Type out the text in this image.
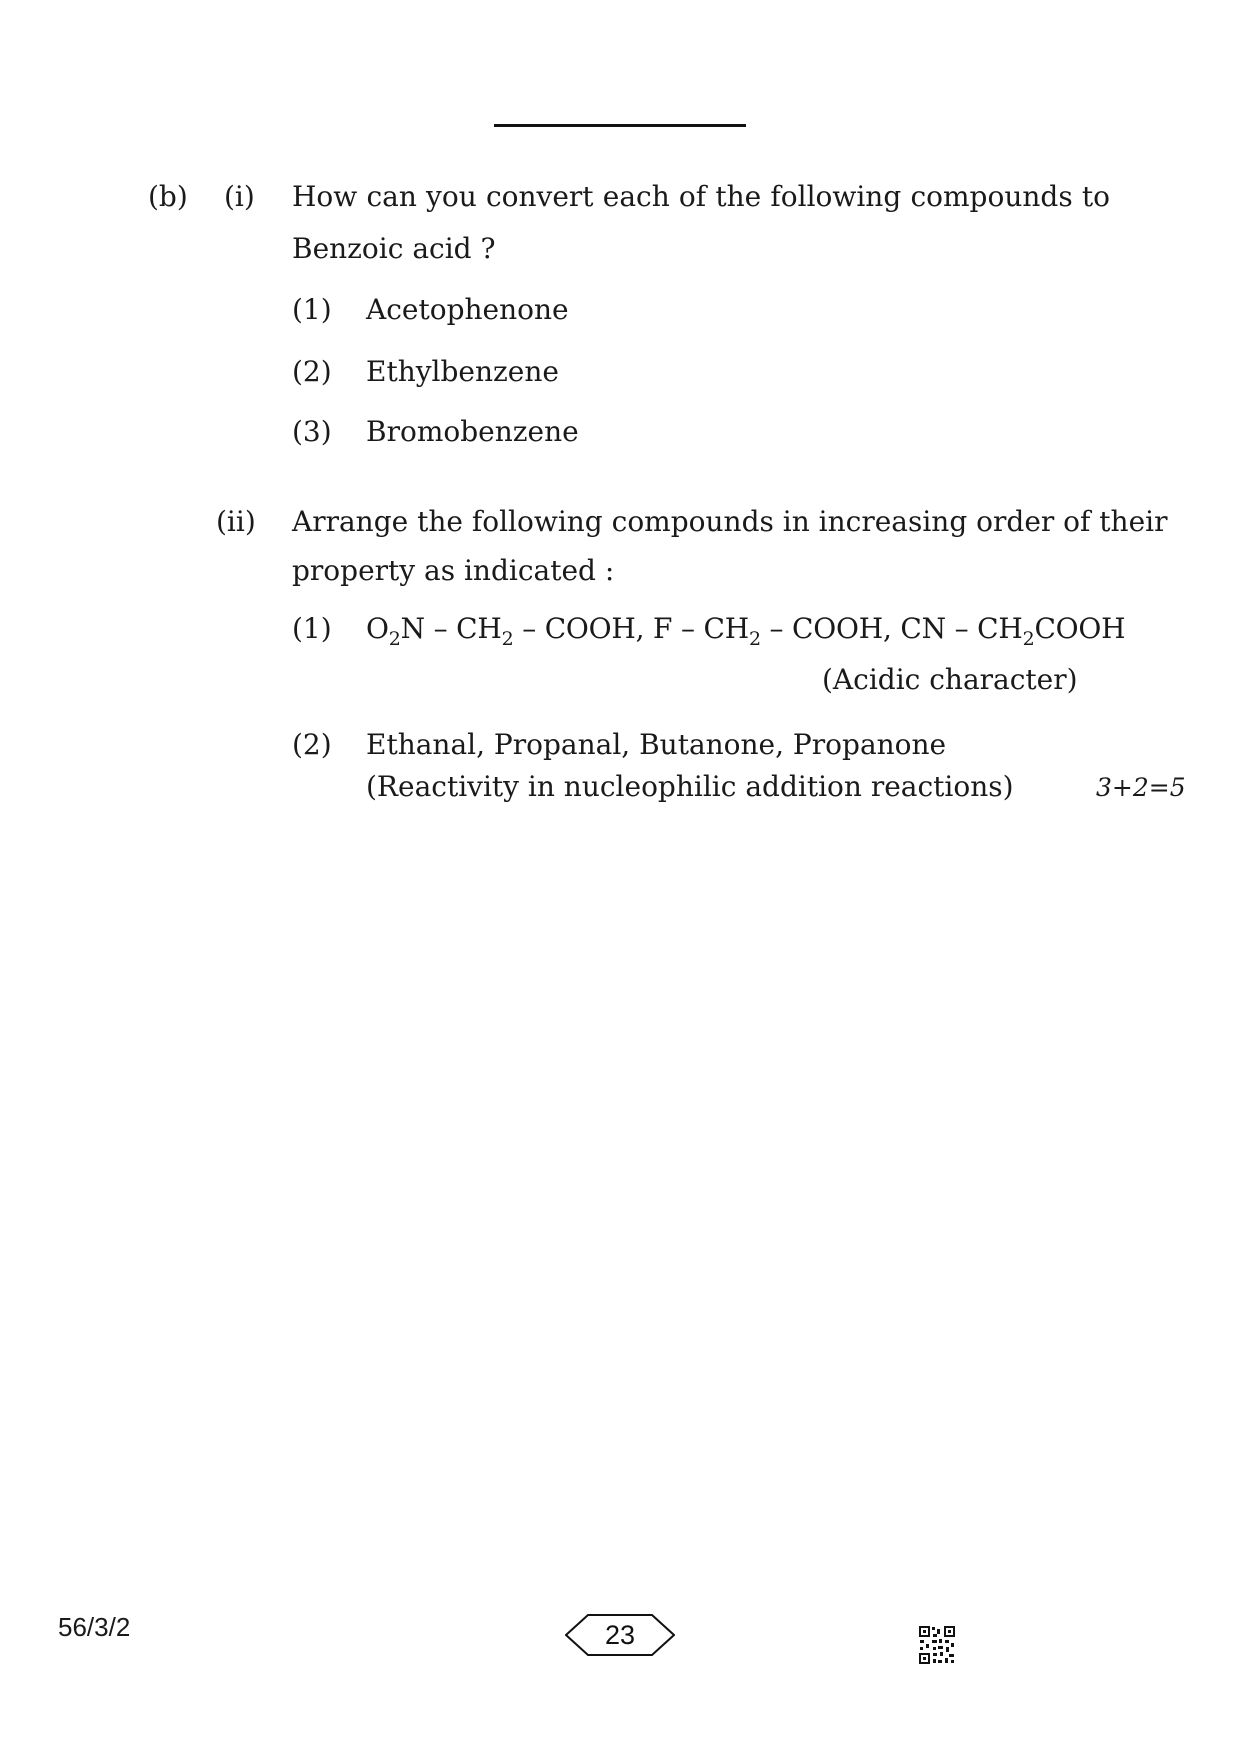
(b) (i) How can you convert each of the following compounds to
Benzoic acid ?
(1) Acetophenone
(2) Ethylbenzene
(3) Bromobenzene
(ii) Arrange the following compounds in increasing order of their
property as indicated :
(1) $O_2N - CH_2$ – COOH, F – $CH_2$ – COOH, CN – $CH_2COOH$
(Acidic character)
(2) Ethanal, Propanal, Butanone, Propanone
(Reactivity in nucleophilic addition reactions)	3+2=5
56/3/2	23
